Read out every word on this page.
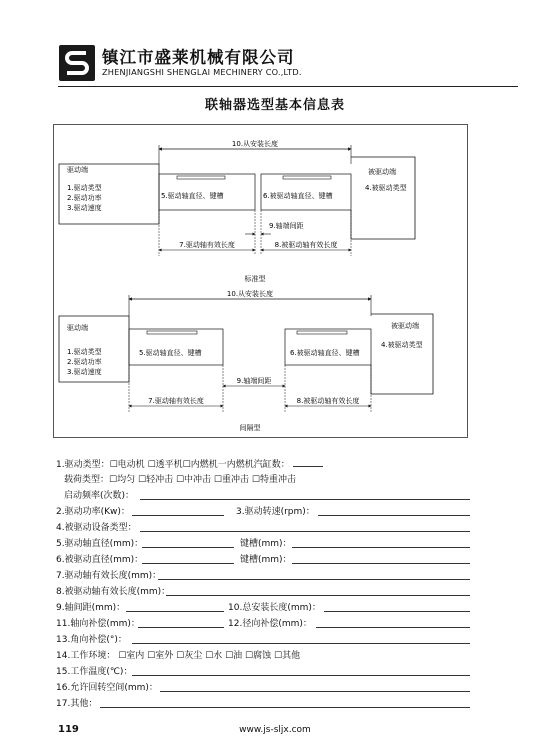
镇江市盛莱机械有限公司
ZHENJIANGSHI SHENGLAI MECHINERY CO.,LTD.
联轴器选型基本信息表
10.从安装长度
驱动端
1.驱动类型
2.驱动功率
3.驱动速度
5.驱动轴直径、键槽	6.被驱动轴直径、键槽
被驱动端
4.被驱动类型
9.轴端间距
7.驱动轴有效长度	8.被驱动轴有效长度
标准型
10.从安装长度
驱动端
1.驱动类型
2.驱动功率
3.驱动速度
5.驱动轴直径、键槽	6.被驱动轴直径、键槽
被驱动端
4.被驱动类型
9.轴端间距
7.驱动轴有效长度	8.被驱动轴有效长度
间隔型
1.驱动类型：☐电动机 ☐透平机☐内燃机一内燃机汽缸数：
载荷类型：☐均匀 ☐轻冲击 ☐中冲击 ☐重冲击 ☐特重冲击
启动频率(次数)：
2.驱动功率(Kw)：	3.驱动转速(rpm)：
4.被驱动设备类型：
5.驱动轴直径(mm)：	键槽(mm)：
6.被驱动直径(mm)：	键槽(mm)：
7.驱动轴有效长度(mm)：
8.被驱动轴有效长度(mm)：
9.轴间距(mm)：	10.总安装长度(mm)：
11.轴向补偿(mm)：	12.径向补偿(mm)：
13.角向补偿(°)：
14.工作环境： ☐室内 ☐室外 ☐灰尘 ☐水 ☐油 ☐腐蚀 ☐其他
15.工作温度(℃)：
16.允许回转空间(mm)：
17.其他：
119	www.js-sljx.com
